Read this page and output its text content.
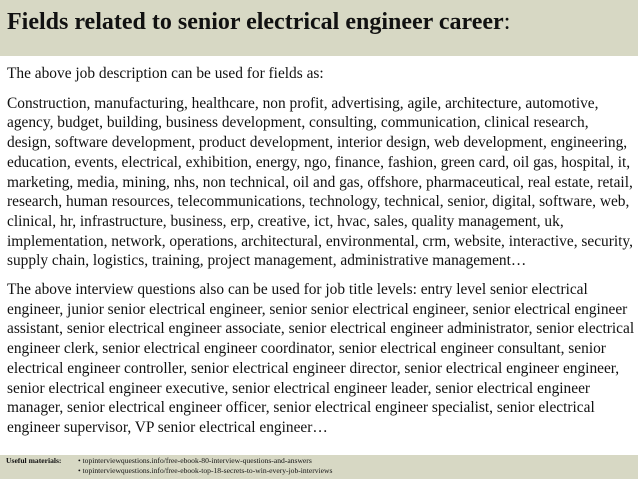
Fields related to senior electrical engineer career:

The above job description can be used for fields as:

Construction, manufacturing, healthcare, non profit, advertising, agile, architecture, automotive, agency, budget, building, business development, consulting, communication, clinical research, design, software development, product development, interior design, web development, engineering, education, events, electrical, exhibition, energy, ngo, finance, fashion, green card, oil gas, hospital, it, marketing, media, mining, nhs, non technical, oil and gas, offshore, pharmaceutical, real estate, retail, research, human resources, telecommunications, technology, technical, senior, digital, software, web, clinical, hr, infrastructure, business, erp, creative, ict, hvac, sales, quality management, uk, implementation, network, operations, architectural, environmental, crm, website, interactive, security, supply chain, logistics, training, project management, administrative management…

The above interview questions also can be used for job title levels: entry level senior electrical engineer, junior senior electrical engineer, senior senior electrical engineer, senior electrical engineer assistant, senior electrical engineer associate, senior electrical engineer administrator, senior electrical engineer clerk, senior electrical engineer coordinator, senior electrical engineer consultant, senior electrical engineer controller, senior electrical engineer director, senior electrical engineer engineer, senior electrical engineer executive, senior electrical engineer leader, senior electrical engineer manager, senior electrical engineer officer, senior electrical engineer specialist, senior electrical engineer supervisor, VP senior electrical engineer…

Useful materials:	• topinterviewquestions.info/free-ebook-80-interview-questions-and-answers
• topinterviewquestions.info/free-ebook-top-18-secrets-to-win-every-job-interviews
